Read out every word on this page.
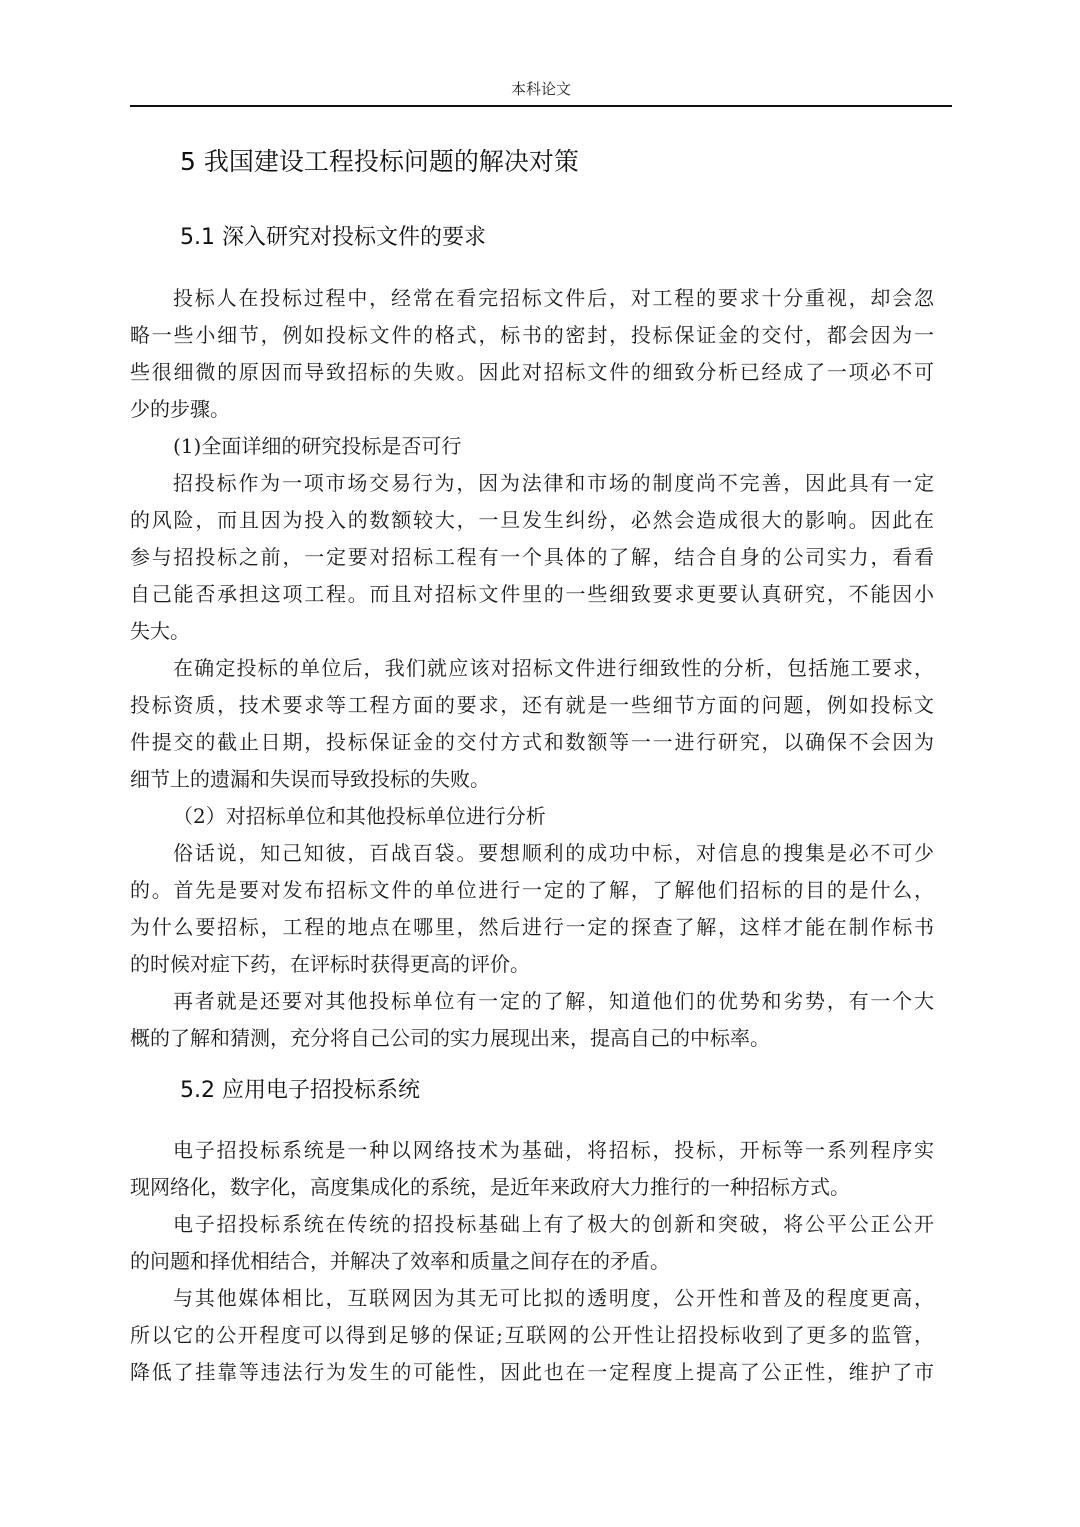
本科论文
5 我国建设工程投标问题的解决对策
5.1 深入研究对投标文件的要求
投标人在投标过程中，经常在看完招标文件后，对工程的要求十分重视，却会忽
略一些小细节，例如投标文件的格式，标书的密封，投标保证金的交付，都会因为一
些很细微的原因而导致招标的失败。因此对招标文件的细致分析已经成了一项必不可
少的步骤。
(1)全面详细的研究投标是否可行
招投标作为一项市场交易行为，因为法律和市场的制度尚不完善，因此具有一定
的风险，而且因为投入的数额较大，一旦发生纠纷，必然会造成很大的影响。因此在
参与招投标之前，一定要对招标工程有一个具体的了解，结合自身的公司实力，看看
自己能否承担这项工程。而且对招标文件里的一些细致要求更要认真研究，不能因小
失大。
在确定投标的单位后，我们就应该对招标文件进行细致性的分析，包括施工要求，
投标资质，技术要求等工程方面的要求，还有就是一些细节方面的问题，例如投标文
件提交的截止日期，投标保证金的交付方式和数额等一一进行研究，以确保不会因为
细节上的遗漏和失误而导致投标的失败。
（2）对招标单位和其他投标单位进行分析
俗话说，知己知彼，百战百袋。要想顺利的成功中标，对信息的搜集是必不可少
的。首先是要对发布招标文件的单位进行一定的了解，了解他们招标的目的是什么，
为什么要招标，工程的地点在哪里，然后进行一定的探查了解，这样才能在制作标书
的时候对症下药，在评标时获得更高的评价。
再者就是还要对其他投标单位有一定的了解，知道他们的优势和劣势，有一个大
概的了解和猜测，充分将自己公司的实力展现出来，提高自己的中标率。
5.2 应用电子招投标系统
电子招投标系统是一种以网络技术为基础，将招标，投标，开标等一系列程序实
现网络化，数字化，高度集成化的系统，是近年来政府大力推行的一种招标方式。
电子招投标系统在传统的招投标基础上有了极大的创新和突破，将公平公正公开
的问题和择优相结合，并解决了效率和质量之间存在的矛盾。
与其他媒体相比，互联网因为其无可比拟的透明度，公开性和普及的程度更高，
所以它的公开程度可以得到足够的保证;互联网的公开性让招投标收到了更多的监管，
降低了挂靠等违法行为发生的可能性，因此也在一定程度上提高了公正性，维护了市
